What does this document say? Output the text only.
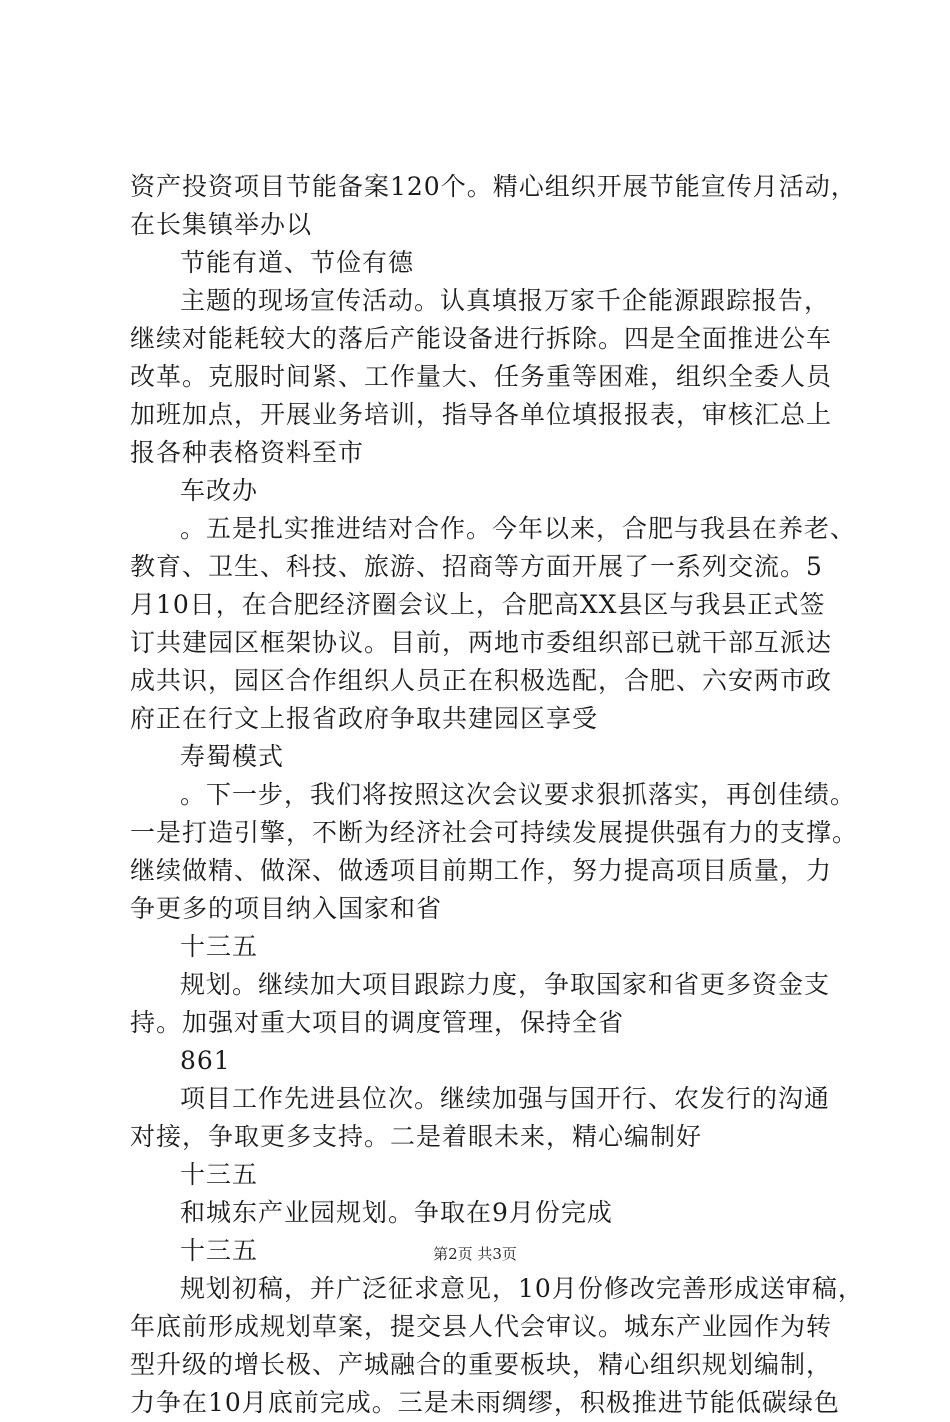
资产投资项目节能备案120个。精心组织开展节能宣传月活动，
在长集镇举办以
节能有道、节俭有德
主题的现场宣传活动。认真填报万家千企能源跟踪报告，
继续对能耗较大的落后产能设备进行拆除。四是全面推进公车
改革。克服时间紧、工作量大、任务重等困难，组织全委人员
加班加点，开展业务培训，指导各单位填报报表，审核汇总上
报各种表格资料至市
车改办
。五是扎实推进结对合作。今年以来，合肥与我县在养老、
教育、卫生、科技、旅游、招商等方面开展了一系列交流。5
月10日，在合肥经济圈会议上，合肥高XX县区与我县正式签
订共建园区框架协议。目前，两地市委组织部已就干部互派达
成共识，园区合作组织人员正在积极选配，合肥、六安两市政
府正在行文上报省政府争取共建园区享受
寿蜀模式
。下一步，我们将按照这次会议要求狠抓落实，再创佳绩。
一是打造引擎，不断为经济社会可持续发展提供强有力的支撑。
继续做精、做深、做透项目前期工作，努力提高项目质量，力
争更多的项目纳入国家和省
十三五
规划。继续加大项目跟踪力度，争取国家和省更多资金支
持。加强对重大项目的调度管理，保持全省
861
项目工作先进县位次。继续加强与国开行、农发行的沟通
对接，争取更多支持。二是着眼未来，精心编制好
十三五
和城东产业园规划。争取在9月份完成
十三五
规划初稿，并广泛征求意见，10月份修改完善形成送审稿，
年底前形成规划草案，提交县人代会审议。城东产业园作为转
型升级的增长极、产城融合的重要板块，精心组织规划编制，
力争在10月底前完成。三是未雨绸缪，积极推进节能低碳绿色
第2页 共3页
